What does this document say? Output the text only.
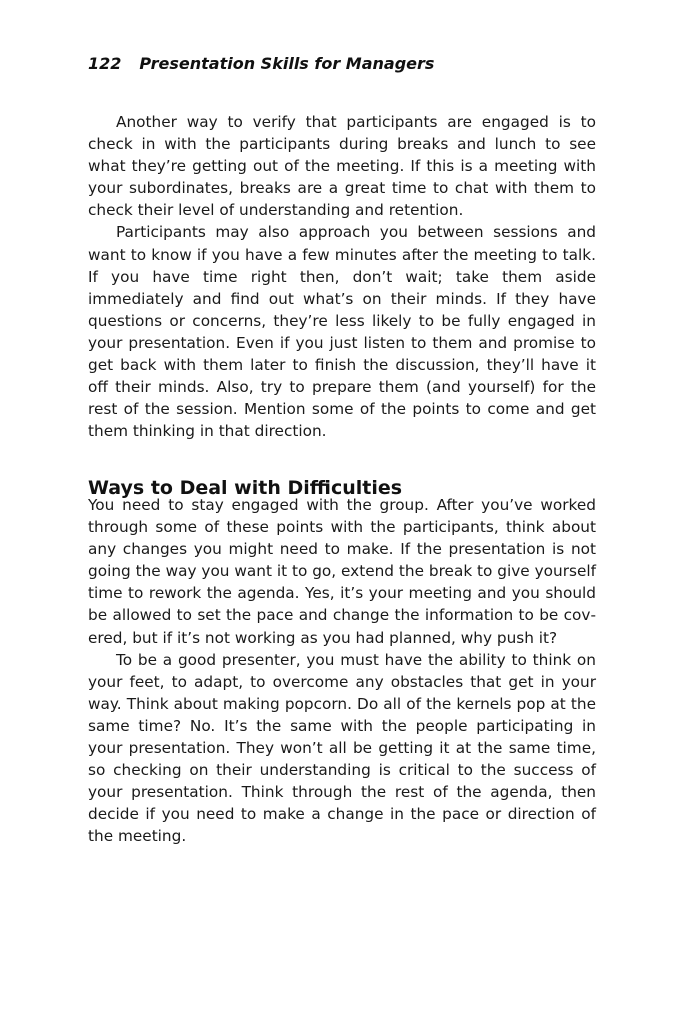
122 Presentation Skills for Managers

Another way to verify that participants are engaged is to check in with the participants during breaks and lunch to see what they’re getting out of the meeting. If this is a meeting with your subordinates, breaks are a great time to chat with them to check their level of understanding and retention.

Participants may also approach you between sessions and want to know if you have a few minutes after the meeting to talk. If you have time right then, don’t wait; take them aside immediately and find out what’s on their minds. If they have questions or concerns, they’re less likely to be fully engaged in your presentation. Even if you just listen to them and promise to get back with them later to finish the discussion, they’ll have it off their minds. Also, try to prepare them (and yourself) for the rest of the session. Mention some of the points to come and get them thinking in that direction.

Ways to Deal with Difficulties

You need to stay engaged with the group. After you’ve worked through some of these points with the participants, think about any changes you might need to make. If the presentation is not going the way you want it to go, extend the break to give yourself time to rework the agenda. Yes, it’s your meeting and you should be allowed to set the pace and change the information to be covered, but if it’s not working as you had planned, why push it?

To be a good presenter, you must have the ability to think on your feet, to adapt, to overcome any obstacles that get in your way. Think about making popcorn. Do all of the kernels pop at the same time? No. It’s the same with the people participating in your presentation. They won’t all be getting it at the same time, so checking on their understanding is critical to the success of your presentation. Think through the rest of the agenda, then decide if you need to make a change in the pace or direction of the meeting.
